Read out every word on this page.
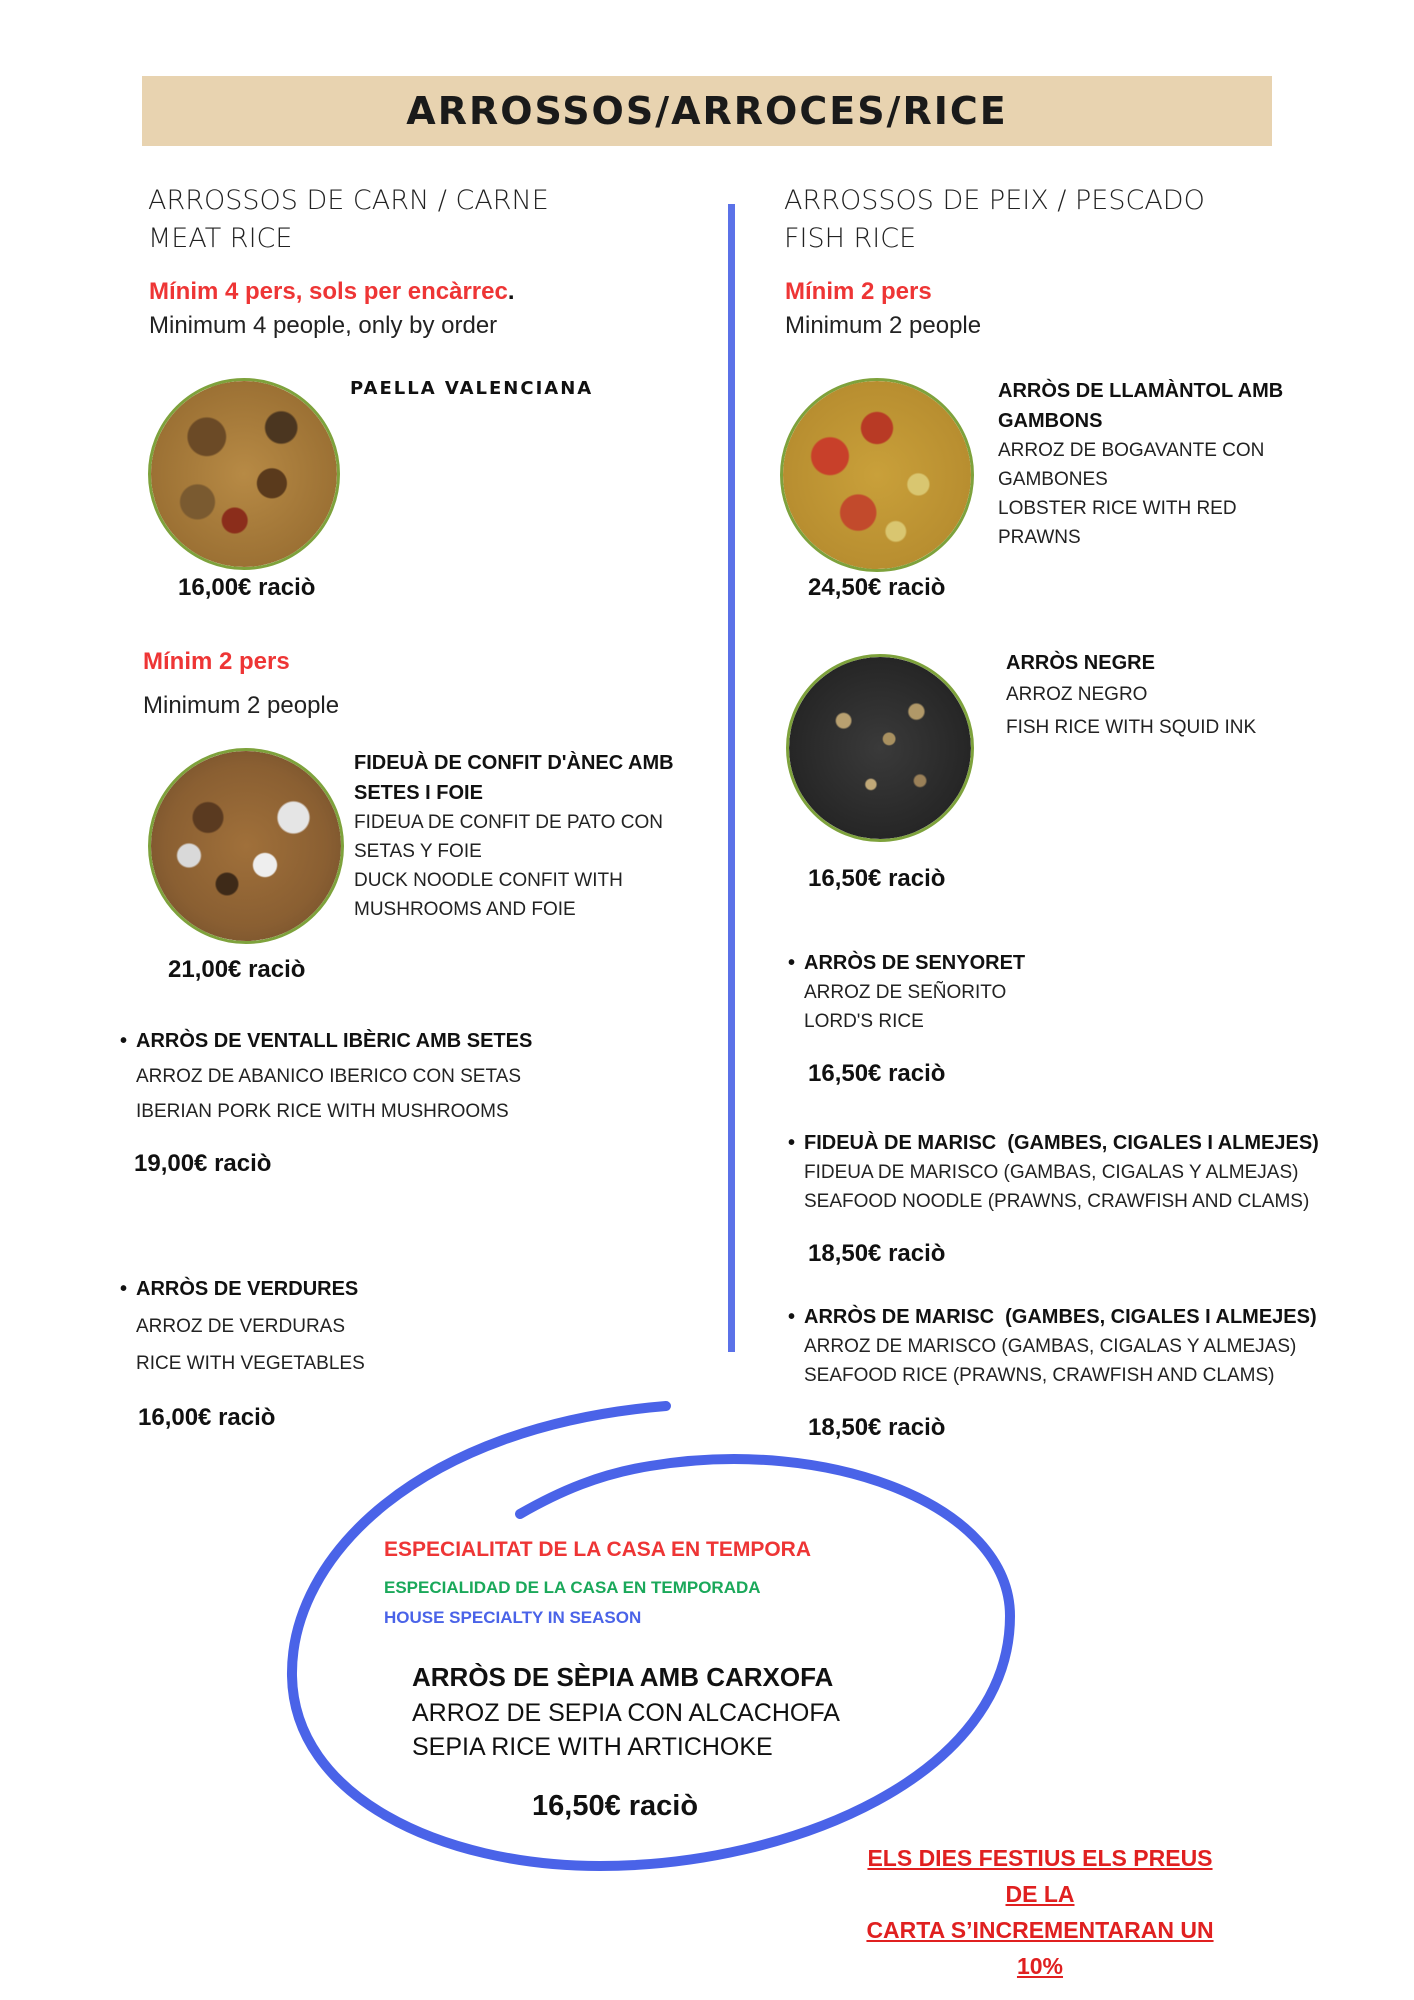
ARROSSOS/ARROCES/RICE
ARROSSOS DE CARN / CARNE
MEAT RICE
Mínim 4 pers, sols per encàrrec.
Minimum 4 people, only by order
PAELLA VALENCIANA
16,00€ raciò
Mínim 2 pers
Minimum 2 people
FIDEUÀ DE CONFIT D'ÀNEC AMB
SETES I FOIE
FIDEUA DE CONFIT DE PATO CON
SETAS Y FOIE
DUCK NOODLE CONFIT WITH
MUSHROOMS AND FOIE
21,00€ raciò
• ARRÒS DE VENTALL IBÈRIC AMB SETES
ARROZ DE ABANICO IBERICO CON SETAS
IBERIAN PORK RICE WITH MUSHROOMS
19,00€ raciò
• ARRÒS DE VERDURES
ARROZ DE VERDURAS
RICE WITH VEGETABLES
16,00€ raciò
ARROSSOS DE PEIX / PESCADO
FISH RICE
Mínim 2 pers
Minimum 2 people
ARRÒS DE LLAMÀNTOL AMB
GAMBONS
ARROZ DE BOGAVANTE CON
GAMBONES
LOBSTER RICE WITH RED
PRAWNS
24,50€ raciò
ARRÒS NEGRE
ARROZ NEGRO
FISH RICE WITH SQUID INK
16,50€ raciò
• ARRÒS DE SENYORET
ARROZ DE SEÑORITO
LORD'S RICE
16,50€ raciò
• FIDEUÀ DE MARISC  (GAMBES, CIGALES I ALMEJES)
FIDEUA DE MARISCO (GAMBAS, CIGALAS Y ALMEJAS)
SEAFOOD NOODLE (PRAWNS, CRAWFISH AND CLAMS)
18,50€ raciò
• ARRÒS DE MARISC  (GAMBES, CIGALES I ALMEJES)
ARROZ DE MARISCO (GAMBAS, CIGALAS Y ALMEJAS)
SEAFOOD RICE (PRAWNS, CRAWFISH AND CLAMS)
18,50€ raciò
ESPECIALITAT DE LA CASA EN TEMPORA
ESPECIALIDAD DE LA CASA EN TEMPORADA
HOUSE SPECIALTY IN SEASON
ARRÒS DE SÈPIA AMB CARXOFA
ARROZ DE SEPIA CON ALCACHOFA
SEPIA RICE WITH ARTICHOKE
16,50€ raciò
ELS DIES FESTIUS ELS PREUS DE LA
CARTA S’INCREMENTARAN UN 10%
